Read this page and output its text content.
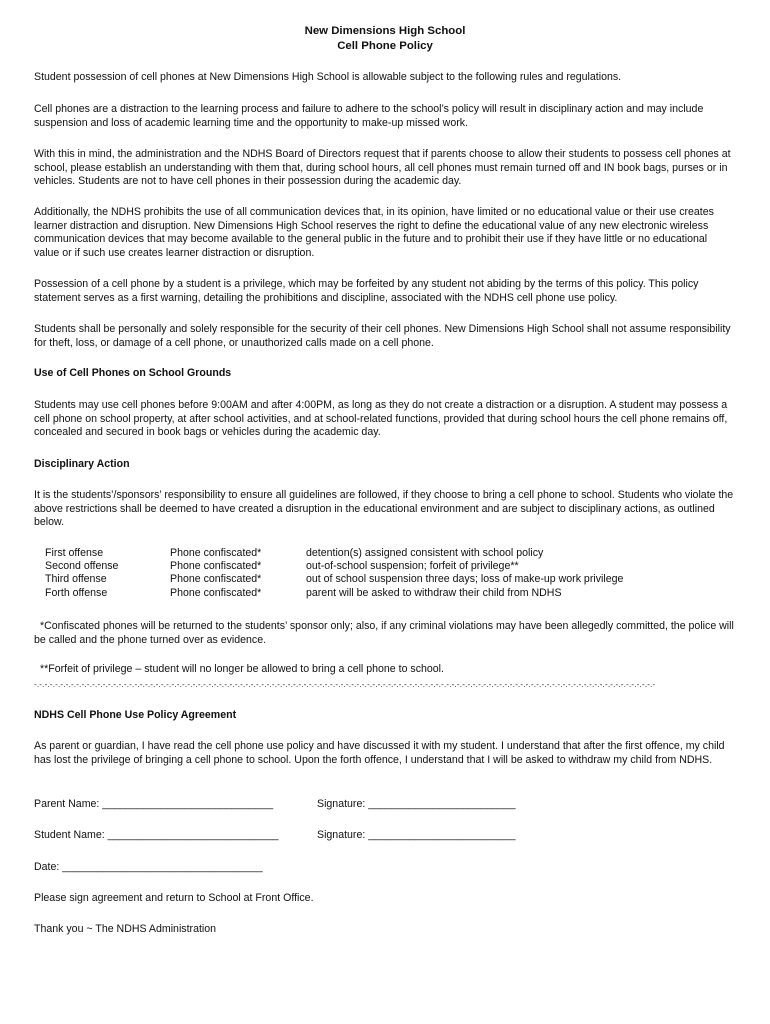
New Dimensions High School
Cell Phone Policy

Student possession of cell phones at New Dimensions High School is allowable subject to the following rules and regulations.

Cell phones are a distraction to the learning process and failure to adhere to the school’s policy will result in disciplinary action and may include suspension and loss of academic learning time and the opportunity to make-up missed work.

With this in mind, the administration and the NDHS Board of Directors request that if parents choose to allow their students to possess cell phones at school, please establish an understanding with them that, during school hours, all cell phones must remain turned off and IN book bags, purses or in vehicles. Students are not to have cell phones in their possession during the academic day.

Additionally, the NDHS prohibits the use of all communication devices that, in its opinion, have limited or no educational value or their use creates learner distraction and disruption. New Dimensions High School reserves the right to define the educational value of any new electronic wireless communication devices that may become available to the general public in the future and to prohibit their use if they have little or no educational value or if such use creates learner distraction or disruption.

Possession of a cell phone by a student is a privilege, which may be forfeited by any student not abiding by the terms of this policy. This policy statement serves as a first warning, detailing the prohibitions and discipline, associated with the NDHS cell phone use policy.

Students shall be personally and solely responsible for the security of their cell phones. New Dimensions High School shall not assume responsibility for theft, loss, or damage of a cell phone, or unauthorized calls made on a cell phone.

Use of Cell Phones on School Grounds

Students may use cell phones before 9:00AM and after 4:00PM, as long as they do not create a distraction or a disruption. A student may possess a cell phone on school property, at after school activities, and at school-related functions, provided that during school hours the cell phone remains off, concealed and secured in book bags or vehicles during the academic day.

Disciplinary Action

It is the students’/sponsors’ responsibility to ensure all guidelines are followed, if they choose to bring a cell phone to school. Students who violate the above restrictions shall be deemed to have created a disruption in the educational environment and are subject to disciplinary actions, as outlined below.

First offense	Phone confiscated*	detention(s) assigned consistent with school policy
Second offense	Phone confiscated*	out-of-school suspension; forfeit of privilege**
Third offense	Phone confiscated*	out of school suspension three days; loss of make-up work privilege
Forth offense	Phone confiscated*	parent will be asked to withdraw their child from NDHS

*Confiscated phones will be returned to the students’ sponsor only; also, if any criminal violations may have been allegedly committed, the police will be called and the phone turned over as evidence.

**Forfeit of privilege – student will no longer be allowed to bring a cell phone to school.

-.-.-.-.-.-.-.-.-.-.-.-.-.-.-.-.-.-.-.-.-.-.-.-.-.-.-.-.-.-.-.-.-.-.-.-.-.-.-.-.-.-.-.-.-.-.-.-.-.-.-.-.-.-.-.-.-.-.-.-.-.-.-.-.-.-.-.-.-.-.-.-.-.-.-.-.-.-.-.-.-.-.-.-.-.-.-.-.-.-.-.-.-.-.-.-.-.-.-.-.-.-.-.-.-.-.-.-.-.-.-.-.-.-.-.-.-.-

NDHS Cell Phone Use Policy Agreement

As parent or guardian, I have read the cell phone use policy and have discussed it with my student. I understand that after the first offence, my child has lost the privilege of bringing a cell phone to school. Upon the forth offence, I understand that I will be asked to withdraw my child from NDHS.

Parent Name: _____________________________	Signature: _________________________
Student Name: _____________________________	Signature: _________________________
Date: __________________________________

Please sign agreement and return to School at Front Office.

Thank you ~ The NDHS Administration
